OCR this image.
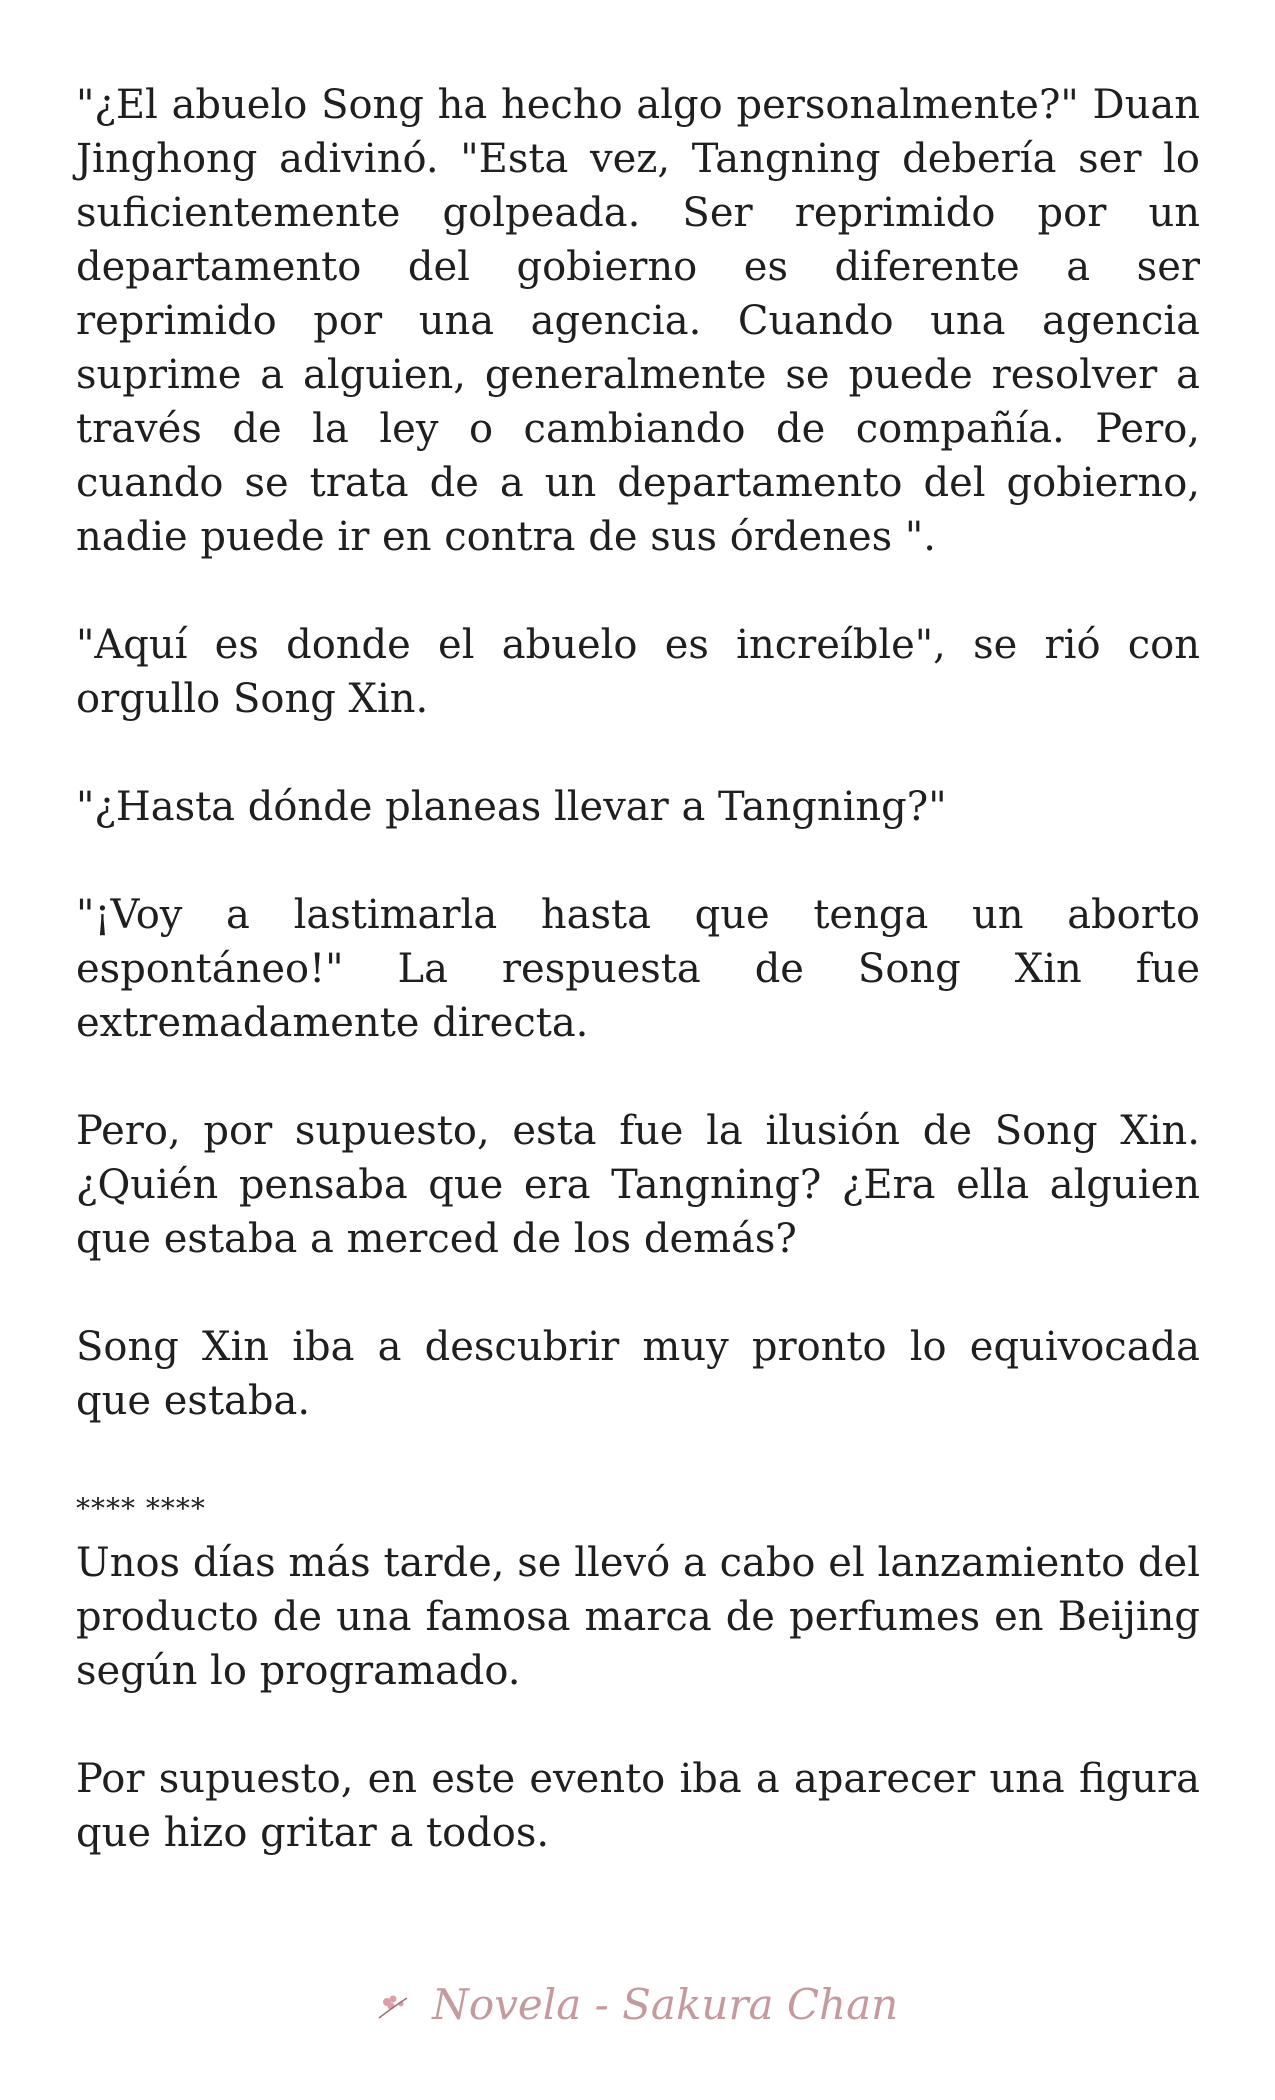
"¿El abuelo Song ha hecho algo personalmente?" Duan Jinghong adivinó. "Esta vez, Tangning debería ser lo suficientemente golpeada. Ser reprimido por un departamento del gobierno es diferente a ser reprimido por una agencia. Cuando una agencia suprime a alguien, generalmente se puede resolver a través de la ley o cambiando de compañía. Pero, cuando se trata de a un departamento del gobierno, nadie puede ir en contra de sus órdenes ".

"Aquí es donde el abuelo es increíble", se rió con orgullo Song Xin.

"¿Hasta dónde planeas llevar a Tangning?"

"¡Voy a lastimarla hasta que tenga un aborto espontáneo!" La respuesta de Song Xin fue extremadamente directa.

Pero, por supuesto, esta fue la ilusión de Song Xin. ¿Quién pensaba que era Tangning? ¿Era ella alguien que estaba a merced de los demás?

Song Xin iba a descubrir muy pronto lo equivocada que estaba.

**** ****

Unos días más tarde, se llevó a cabo el lanzamiento del producto de una famosa marca de perfumes en Beijing según lo programado.

Por supuesto, en este evento iba a aparecer una figura que hizo gritar a todos.

Novela - Sakura Chan
